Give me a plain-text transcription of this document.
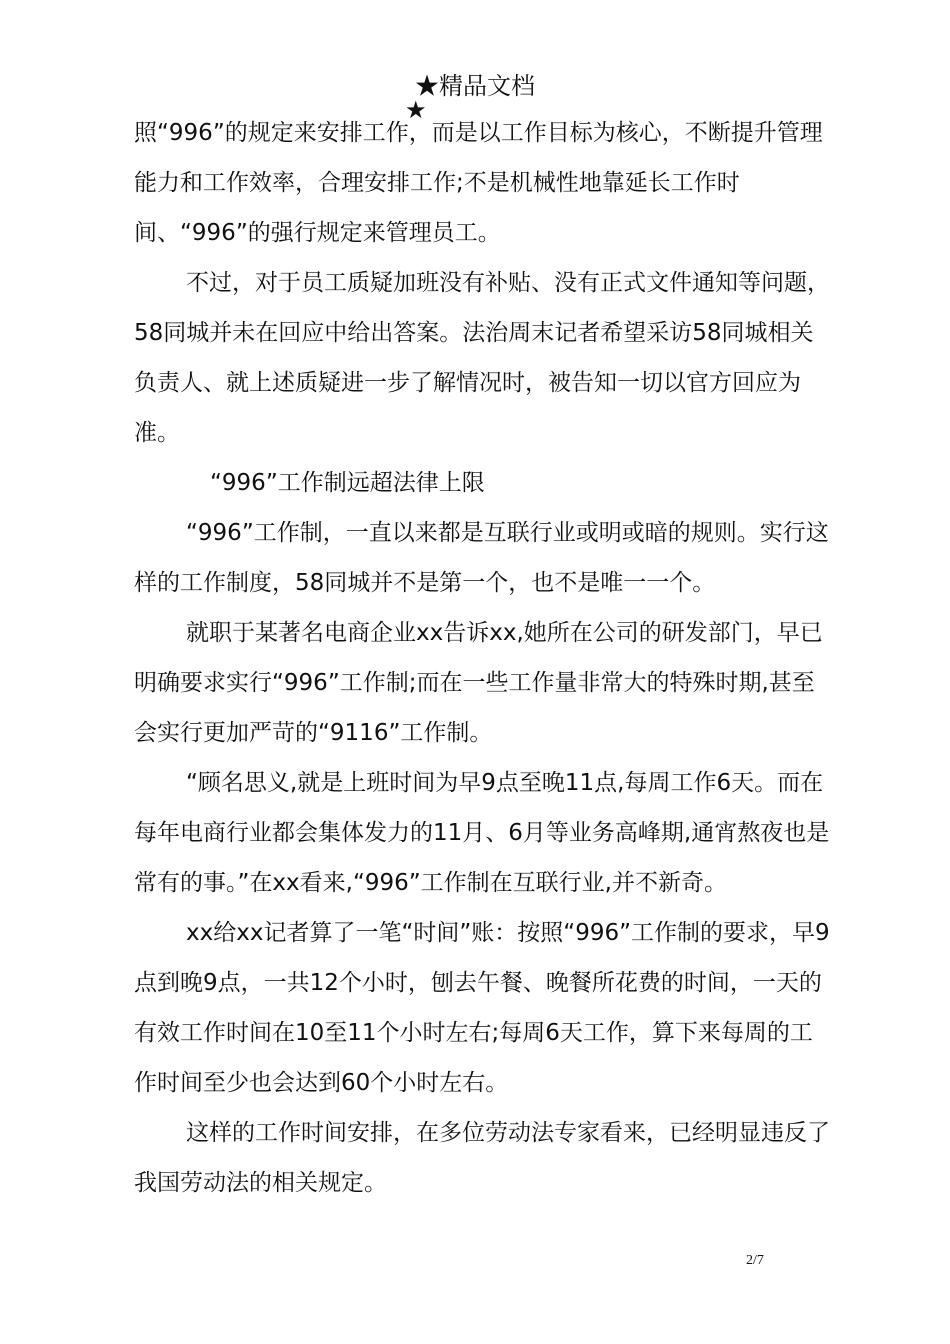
★精品文档
★

照“996”的规定来安排工作，而是以工作目标为核心，不断提升管理能力和工作效率，合理安排工作;不是机械性地靠延长工作时间、“996”的强行规定来管理员工。

不过，对于员工质疑加班没有补贴、没有正式文件通知等问题，58同城并未在回应中给出答案。法治周末记者希望采访58同城相关负责人、就上述质疑进一步了解情况时，被告知一切以官方回应为准。

“996”工作制远超法律上限

“996”工作制，一直以来都是互联行业或明或暗的规则。实行这样的工作制度，58同城并不是第一个，也不是唯一一个。

就职于某著名电商企业xx告诉xx,她所在公司的研发部门，早已明确要求实行“996”工作制;而在一些工作量非常大的特殊时期,甚至会实行更加严苛的“9116”工作制。

“顾名思义,就是上班时间为早9点至晚11点,每周工作6天。而在每年电商行业都会集体发力的11月、6月等业务高峰期,通宵熬夜也是常有的事。”在xx看来,“996”工作制在互联行业,并不新奇。

xx给xx记者算了一笔“时间”账：按照“996”工作制的要求，早9点到晚9点，一共12个小时，刨去午餐、晚餐所花费的时间，一天的有效工作时间在10至11个小时左右;每周6天工作，算下来每周的工作时间至少也会达到60个小时左右。

这样的工作时间安排，在多位劳动法专家看来，已经明显违反了我国劳动法的相关规定。

2/7
